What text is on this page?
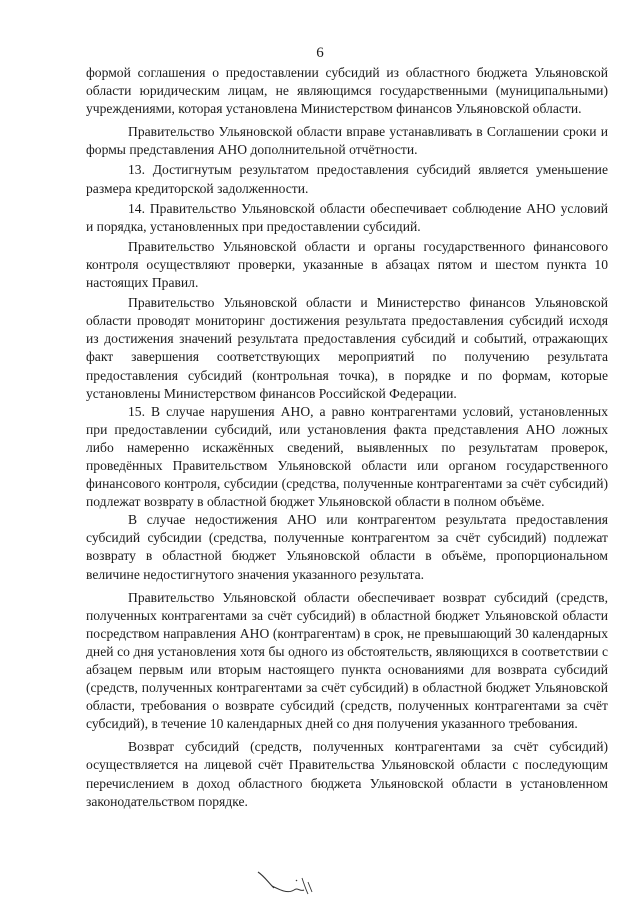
6

формой соглашения о предоставлении субсидий из областного бюджета Ульяновской области юридическим лицам, не являющимся государственными (муниципальными) учреждениями, которая установлена Министерством финансов Ульяновской области.

Правительство Ульяновской области вправе устанавливать в Соглашении сроки и формы представления АНО дополнительной отчётности.

13. Достигнутым результатом предоставления субсидий является уменьшение размера кредиторской задолженности.

14. Правительство Ульяновской области обеспечивает соблюдение АНО условий и порядка, установленных при предоставлении субсидий.

Правительство Ульяновской области и органы государственного финансового контроля осуществляют проверки, указанные в абзацах пятом и шестом пункта 10 настоящих Правил.

Правительство Ульяновской области и Министерство финансов Ульяновской области проводят мониторинг достижения результата предоставления субсидий исходя из достижения значений результата предоставления субсидий и событий, отражающих факт завершения соответствующих мероприятий по получению результата предоставления субсидий (контрольная точка), в порядке и по формам, которые установлены Министерством финансов Российской Федерации.

15. В случае нарушения АНО, а равно контрагентами условий, установленных при предоставлении субсидий, или установления факта представления АНО ложных либо намеренно искажённых сведений, выявленных по результатам проверок, проведённых Правительством Ульяновской области или органом государственного финансового контроля, субсидии (средства, полученные контрагентами за счёт субсидий) подлежат возврату в областной бюджет Ульяновской области в полном объёме.

В случае недостижения АНО или контрагентом результата предоставления субсидий субсидии (средства, полученные контрагентом за счёт субсидий) подлежат возврату в областной бюджет Ульяновской области в объёме, пропорциональном величине недостигнутого значения указанного результата.

Правительство Ульяновской области обеспечивает возврат субсидий (средств, полученных контрагентами за счёт субсидий) в областной бюджет Ульяновской области посредством направления АНО (контрагентам) в срок, не превышающий 30 календарных дней со дня установления хотя бы одного из обстоятельств, являющихся в соответствии с абзацем первым или вторым настоящего пункта основаниями для возврата субсидий (средств, полученных контрагентами за счёт субсидий) в областной бюджет Ульяновской области, требования о возврате субсидий (средств, полученных контрагентами за счёт субсидий), в течение 10 календарных дней со дня получения указанного требования.

Возврат субсидий (средств, полученных контрагентами за счёт субсидий) осуществляется на лицевой счёт Правительства Ульяновской области с последующим перечислением в доход областного бюджета Ульяновской области в установленном законодательством порядке.
